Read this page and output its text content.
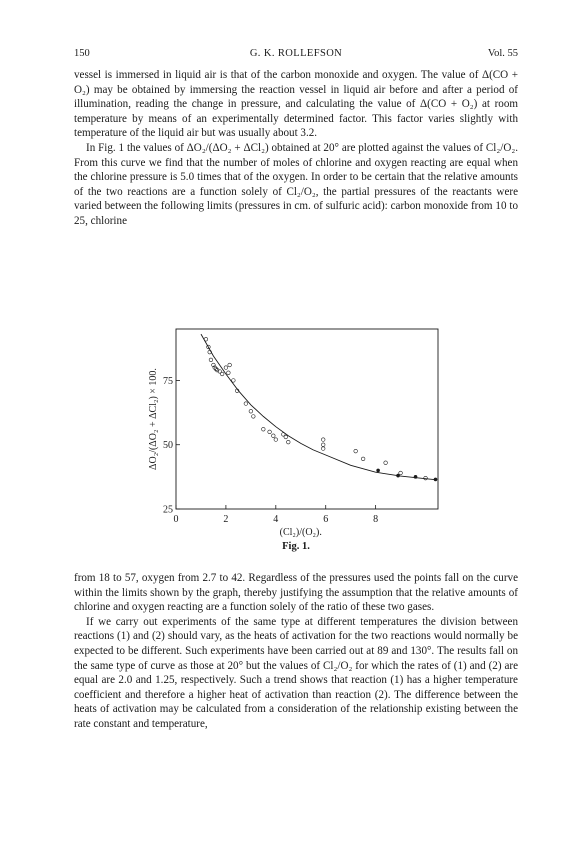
150	G. K. ROLLEFSON	Vol. 55

vessel is immersed in liquid air is that of the carbon monoxide and oxygen. The value of Δ(CO + O₂) may be obtained by immersing the reaction vessel in liquid air before and after a period of illumination, reading the change in pressure, and calculating the value of Δ(CO + O₂) at room temperature by means of an experimentally determined factor. This factor varies slightly with temperature of the liquid air but was usually about 3.2.

In Fig. 1 the values of ΔO₂/(ΔO₂ + ΔCl₂) obtained at 20° are plotted against the values of Cl₂/O₂. From this curve we find that the number of moles of chlorine and oxygen reacting are equal when the chlorine pressure is 5.0 times that of the oxygen. In order to be certain that the relative amounts of the two reactions are a function solely of Cl₂/O₂, the partial pressures of the reactants were varied between the following limits (pressures in cm. of sulfuric acid): carbon monoxide from 10 to 25, chlorine

0	2	4	6	8
25
50
75
ΔO₂/(ΔO₂ + ΔCl₂) × 100.
(Cl₂)/(O₂).
Fig. 1.

from 18 to 57, oxygen from 2.7 to 42. Regardless of the pressures used the points fall on the curve within the limits shown by the graph, thereby justifying the assumption that the relative amounts of chlorine and oxygen reacting are a function solely of the ratio of these two gases.

If we carry out experiments of the same type at different temperatures the division between reactions (1) and (2) should vary, as the heats of activation for the two reactions would normally be expected to be different. Such experiments have been carried out at 89 and 130°. The results fall on the same type of curve as those at 20° but the values of Cl₂/O₂ for which the rates of (1) and (2) are equal are 2.0 and 1.25, respectively. Such a trend shows that reaction (1) has a higher temperature coefficient and therefore a higher heat of activation than reaction (2). The difference between the heats of activation may be calculated from a consideration of the relationship existing between the rate constant and temperature,
